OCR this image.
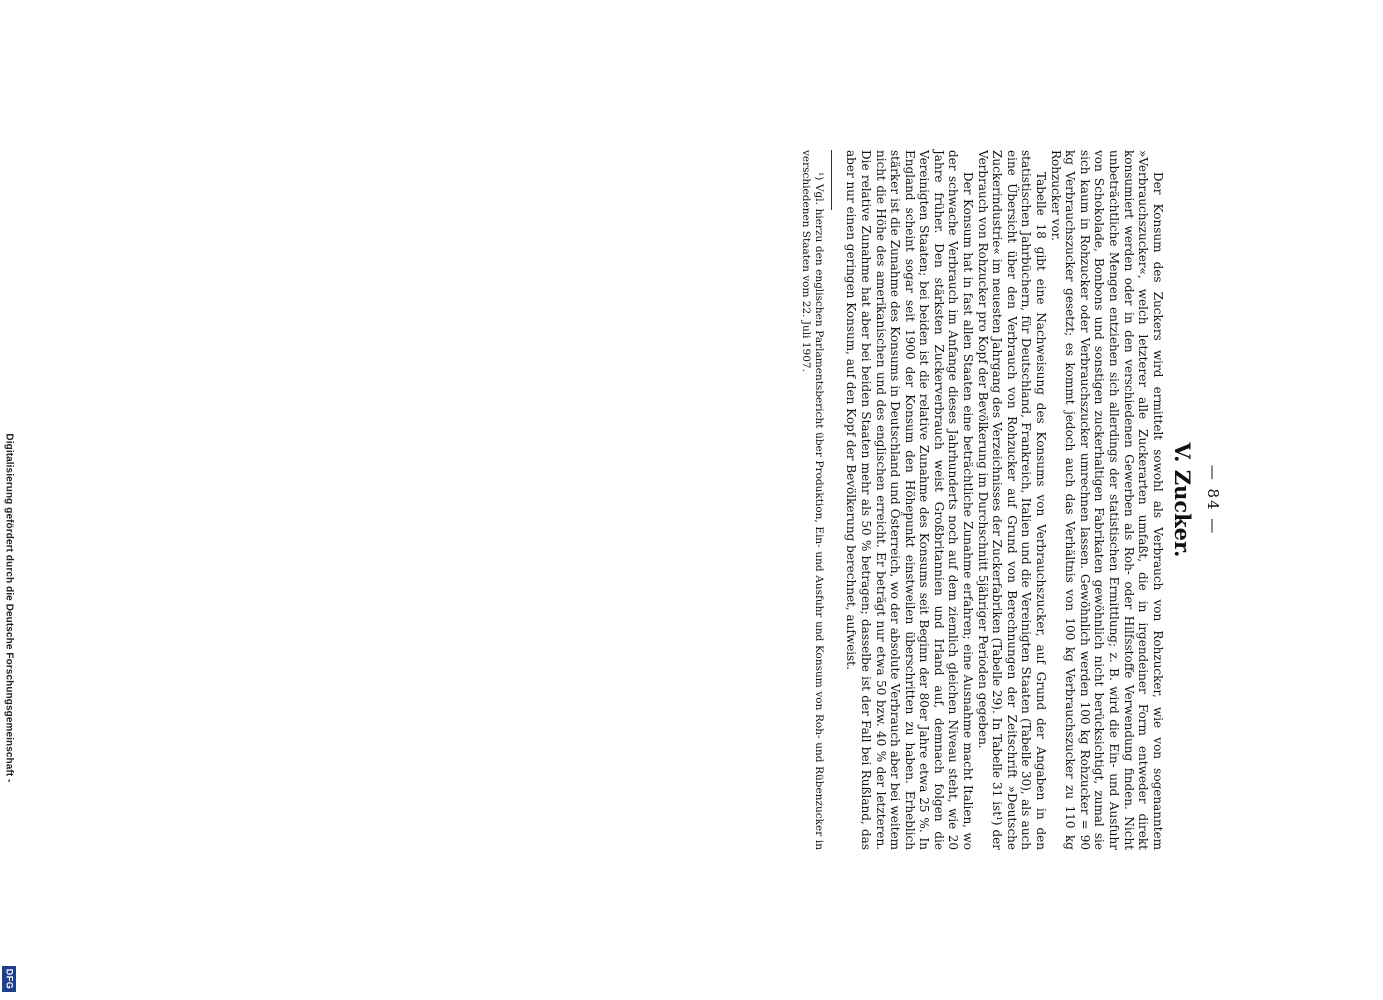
Digitalisierung gefördert durch die Deutsche Forschungsgemeinschaft -
DFG
— 84 —
V. Zucker.

Der Konsum des Zuckers wird ermittelt sowohl als Verbrauch von Rohzucker, wie von sogenanntem »Verbrauchszucker«, welch letzterer alle Zuckerarten umfaßt, die in irgendeiner Form entweder direkt konsumiert werden oder in den verschiedenen Gewerben als Roh- oder Hilfsstoffe Verwendung finden. Nicht unbeträchtliche Mengen entziehen sich allerdings der statistischen Ermittlung; z. B. wird die Ein- und Ausfuhr von Schokolade, Bonbons und sonstigen zuckerhaltigen Fabrikaten gewöhnlich nicht berücksichtigt, zumal sie sich kaum in Rohzucker oder Verbrauchszucker umrechnen lassen. Gewöhnlich werden 100 kg Rohzucker = 90 kg Verbrauchszucker gesetzt; es kommt jedoch auch das Verhältnis von 100 kg Verbrauchszucker zu 110 kg Rohzucker vor.

Tabelle 18 gibt eine Nachweisung des Konsums von Verbrauchszucker, auf Grund der Angaben in den statistischen Jahrbüchern, für Deutschland, Frankreich, Italien und die Vereinigten Staaten (Tabelle 30), als auch eine Übersicht über den Verbrauch von Rohzucker auf Grund von Berechnungen der Zeitschrift »Deutsche Zuckerindustrie« im neuesten Jahrgang des Verzeichnisses der Zuckerfabriken (Tabelle 29). In Tabelle 31 ist¹) der Verbrauch von Rohzucker pro Kopf der Bevölkerung im Durchschnitt 5jähriger Perioden gegeben.

Der Konsum hat in fast allen Staaten eine beträchtliche Zunahme erfahren; eine Ausnahme macht Italien, wo der schwache Verbrauch im Anfange dieses Jahrhunderts noch auf dem ziemlich gleichen Niveau steht, wie 20 Jahre früher. Den stärksten Zuckerverbrauch weist Großbritannien und Irland auf, demnach folgen die Vereinigten Staaten; bei beiden ist die relative Zunahme des Konsums seit Beginn der 80er Jahre etwa 25 %. In England scheint sogar seit 1900 der Konsum den Höhepunkt einstweilen überschritten zu haben. Erheblich stärker ist die Zunahme des Konsums in Deutschland und Österreich, wo der absolute Verbrauch aber bei weitem nicht die Höhe des amerikanischen und des englischen erreicht. Er beträgt nur etwa 50 bzw. 40 % der letzteren. Die relative Zunahme hat aber bei beiden Staaten mehr als 50 % betragen; dasselbe ist der Fall bei Rußland, das aber nur einen geringen Konsum, auf den Kopf der Bevölkerung berechnet, aufweist.

¹) Vgl. hierzu den englischen Parlamentsbericht über Produktion, Ein- und Ausfuhr und Konsum von Roh- und Rübenzucker in verschiedenen Staaten vom 22. Juli 1907.
